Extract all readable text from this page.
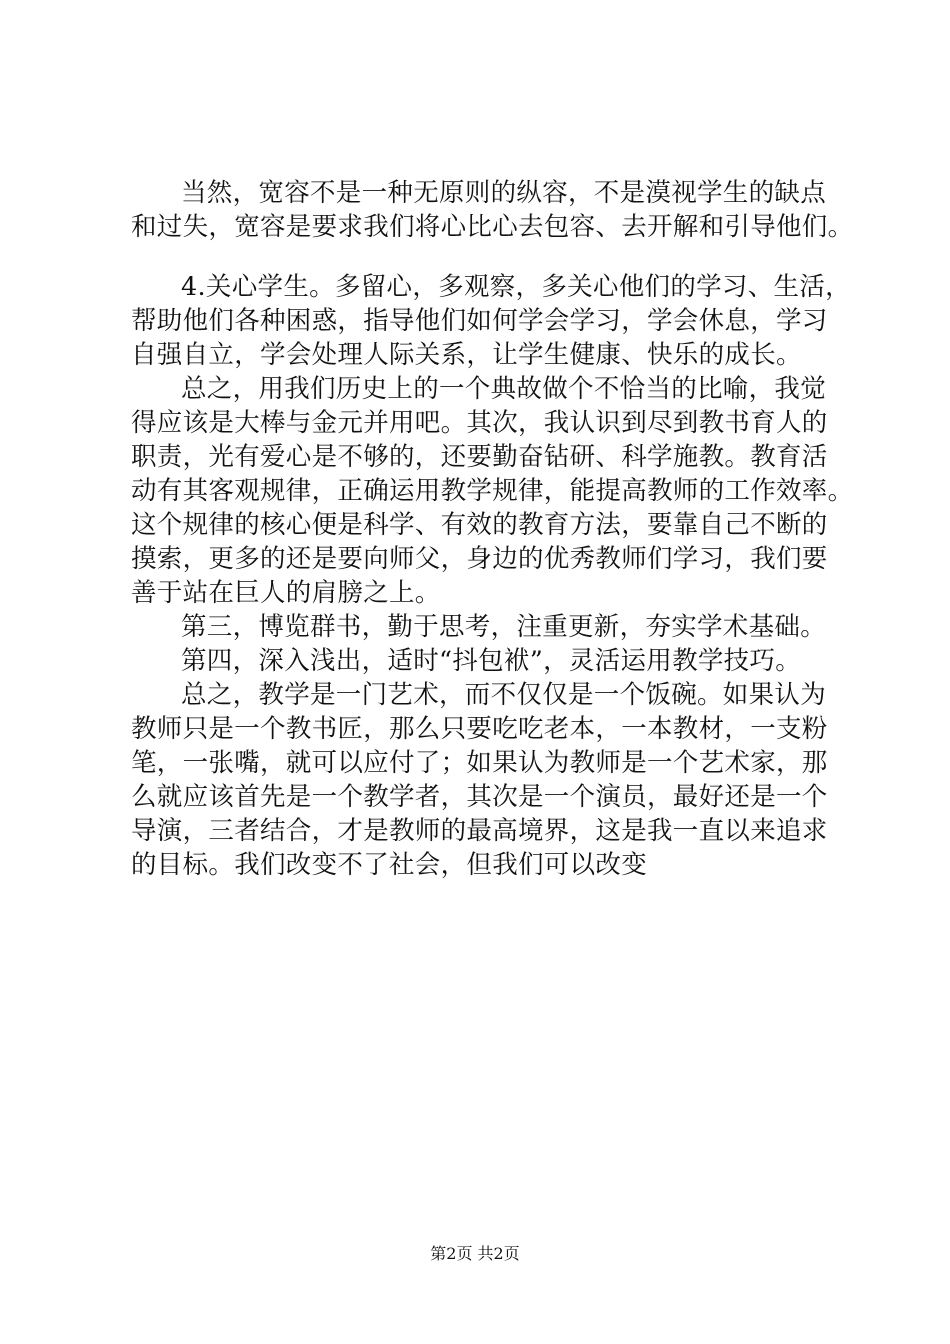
当然，宽容不是一种无原则的纵容，不是漠视学生的缺点
和过失，宽容是要求我们将心比心去包容、去开解和引导他们。
4.关心学生。多留心，多观察，多关心他们的学习、生活，
帮助他们各种困惑，指导他们如何学会学习，学会休息，学习
自强自立，学会处理人际关系，让学生健康、快乐的成长。
总之，用我们历史上的一个典故做个不恰当的比喻，我觉
得应该是大棒与金元并用吧。其次，我认识到尽到教书育人的
职责，光有爱心是不够的，还要勤奋钻研、科学施教。教育活
动有其客观规律，正确运用教学规律，能提高教师的工作效率。
这个规律的核心便是科学、有效的教育方法，要靠自己不断的
摸索，更多的还是要向师父，身边的优秀教师们学习，我们要
善于站在巨人的肩膀之上。
第三，博览群书，勤于思考，注重更新，夯实学术基础。
第四，深入浅出，适时“抖包袱”，灵活运用教学技巧。
总之，教学是一门艺术，而不仅仅是一个饭碗。如果认为
教师只是一个教书匠，那么只要吃吃老本，一本教材，一支粉
笔，一张嘴，就可以应付了；如果认为教师是一个艺术家，那
么就应该首先是一个教学者，其次是一个演员，最好还是一个
导演，三者结合，才是教师的最高境界，这是我一直以来追求
的目标。我们改变不了社会，但我们可以改变
第2页 共2页
